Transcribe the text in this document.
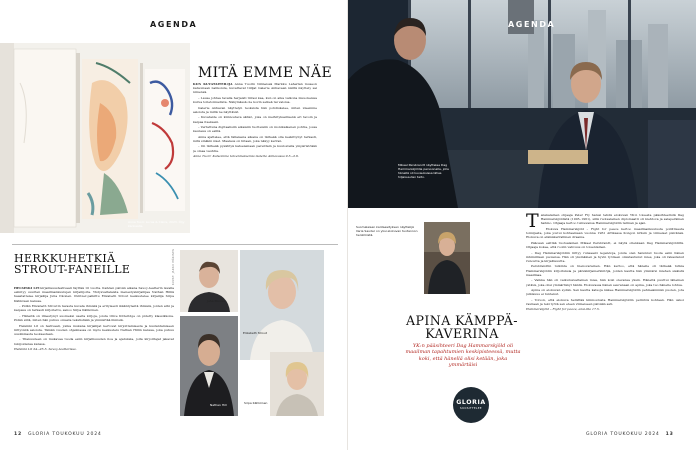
AGENDA
Anna Tuori: Lucas & Claire, 2023. Öljy kankaalle.
MITÄ EMME NÄE

KUN KUVATAITEILIJA Anna Tuorin tiilineissä Markku Laherlan museon katsomaan nahkoista, kuvattavat tiilijat Galerie Anhavaan näiltä näyttely sai nimensä.

– Lause johtaa tavalla herjaisti tiirasi kaa, kun on aika valkona muuokeissa kurua toiletoimadista. Näkymässä ole kovin selkeä tai valoisa.

Galerie Anhavan näyttelyn teoksista hän pohdiskelee, miten ideemme asioista ja miltä ne näyttävät.

– Kuvataide on kiinnostava sähkö, joka on merkityksellisenä eri tavoin ja kaipaa itsekseni.

– Vertattuna digitaalisiin aikaisiin tuotteisiin on monikaikenen pohtia, jossa kauneus on esillä.

Anna ajattelee, että tällaisena aikana on tärkeää olla keskittynyt tarkasti, mitä sinäkin näet. Maalaus on hitaan, joka näkyy kerran.

– On tärkeää pysähtyä katselemaan pareittain ja kuulostella ympäristöään ja omaa vauhtia.

Anna Tuori: Katsomme talvenmaisemia Galerie Anhavassa 9.5.–2.6.

HERKKUHETKIÄ
STROUT-FANEILLE

HELSINKI LIT-kirjallisuusfestivaali täyttää 10 vuotta. Kahden päivän aikana Savoy-teatterin lavalla esiintyy suurten maailmankuulujen kirjailijoita. Yhdysvaltalaista menestyskirjailijaa Nathan Hilliä haastattelee kirjailija Juha Itkonen. Pulitzer-palkittu Elizabeth Strout keskustelee kirjailija Sirpa Kähkösen kanssa.

– Pidän Elizabeth Stroutin tavasta kuvata ihmisiä ja erityisesti ikääntyneitä ihmisiä, joiden arki ja kaipaus on tarkasti kirjoitettu, sanoo Sirpa Kähkönen.

– Häneltä on ilmestynyt suomeksi useita kirjoja, joista Olive Kitteridge on pidetty klassikkona. Pidän siitä, miten hän puhuu omasta tekstistään ja ymmärtää ihmisiä.

Helsinki Lit on festivaali, jonka mukana kirjailijat kertovat kirjoittamisesta ja kustantamiseen liittyvistä asioista. Tämän vuoden ohjelmassa on myös keskustelu Nathan Hillin kanssa, joka puhuu uusimmasta teoksestaan.

– Tilaisuuteen on mukavaa tuoda esiin kirjallisuuden iloa ja ajatuksia, joita kirjoittajat jakavat lukijoidensa kanssa.

Helsinki Lit 24.–25.5. Savoy-teatterissa.

Juha Itkonen
KUVAT: JARNO MÄKINEN
Elizabeth Strout
Nathan Hill	Sirpa Kähkönen
12 GLORIA TOUKOKUU 2024
AGENDA
Mikael Persbrandt näyttelee Dag Hammarskjöldia persoonalla, jolla hänellä oli kuvauksissa lähes hiljaisuuden taito.
Suomalaisen kantaesityksen näyttelijä Ilaria Sauder on yksi elokuvan tuotannon henkilöistä.
APINA KÄMPPÄ-
KAVERINA

YK:n pääsihteeri Dag Hammarskjöld oli maailman tapahtumien keskipisteessä, mutta koki, että hänellä olisi ketään, joka ymmärtäisi

GLORIA
SUOSITTELEE

Tanskalainen ohjaaja Peter Fly halusi tehdä elokuvan YK:n toisesta pääsihteeristä Dag Hammarskjöldistä (1905–1961), sillä ruotsalainen diplomaatti oli kiehtova ja salaperäinen hahmo. Ohjaaja kertoo tuntevansa Hammarskjöldin tarinan ja ajan.

Elokuva Hammarskjöld – Fight for peace kertoo maailmankuulusta poliittisesta toimijasta, joka joutui kohtaamaan vuonna 1961 Afrikassa Kongon kriisin ja viimeiset päivänsä. Elokuva on elämäkerrallinen draama.

Pääosan esittää ruotsalainen Mikael Persbrandt, ei näytä ollenkaan Dag Hammarskjöldiltä. Ohjaaja kokee, että roolin vahvuus on toisenlainen.

– Dag Hammarskjöldiin liittyy runsaasti legendoja, joista olen halunnut tuoda esiin hänen inhimillisen puolensa. Hän oli yksinäinen ja hyvin työlleen omistautunut mies, joka oli rakastanut runoutta ja kirjallisuutta.

Persbrandtin tulkinta on hienovarainen. Hän kertoo, että hänelle oli tärkeää tutkia Hammarskjöldin kirjoituksia ja päiväkirjamerkintöjä, joiden kautta hän ymmärsi miehen sisäistä maailmaa.

– Vaikka hän oli vaikutusvaltainen mies, hän koki olevansa yksin. Häneltä puuttui läheinen ystävä, joka olisi ymmärtänyt häntä. Elokuvassa hänen seuranaan on apina, joka tuo hänelle lohtua.

Apina on elokuvan sydän. Sen kautta katsoja näkee Hammarskjöldin pehmeämmän puolen, jota julkisuus ei tuntenut.

– Toivon, että elokuva herättää kiinnostusta Hammarskjöldin perintöä kohtaan. Hän uskoi rauhaan ja teki työtä sen eteen viimeiseen päivään asti.

Hammarskjöld – Fight for peace, ensi-ilta 17.5.

GLORIA TOUKOKUU 2024 13
